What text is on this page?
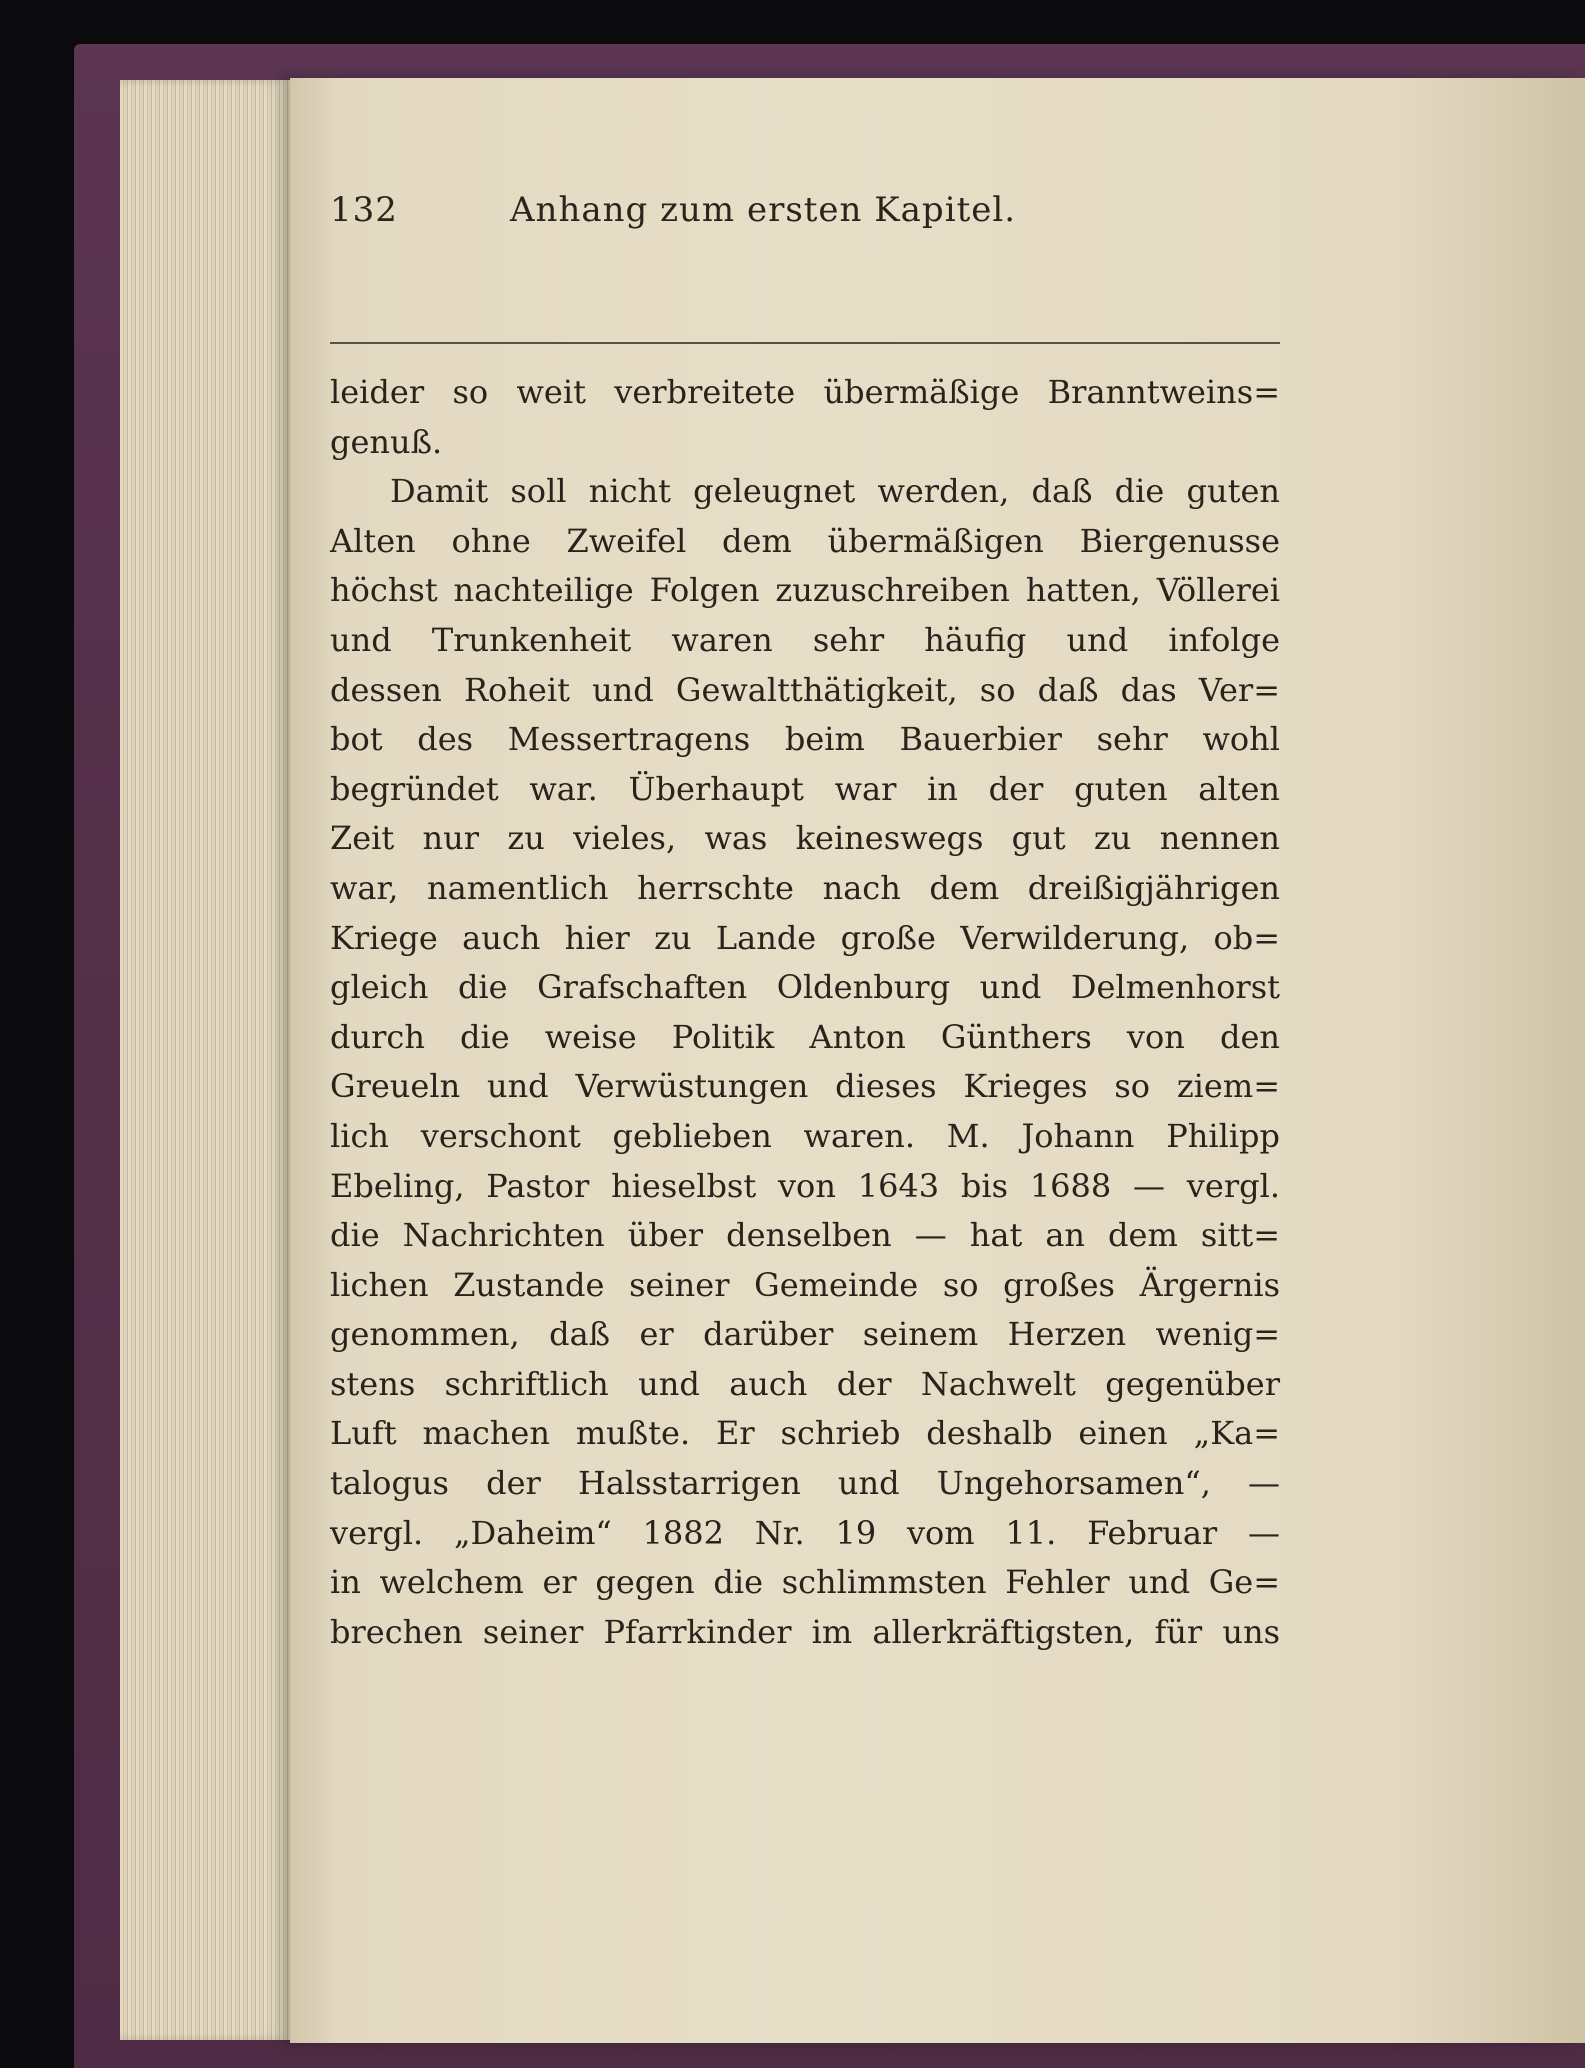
132	Anhang zum ersten Kapitel.
leider so weit verbreitete übermäßige Branntweins=
genuß.
Damit soll nicht geleugnet werden, daß die guten
Alten ohne Zweifel dem übermäßigen Biergenusse
höchst nachteilige Folgen zuzuschreiben hatten, Völlerei
und Trunkenheit waren sehr häufig und infolge
dessen Roheit und Gewaltthätigkeit, so daß das Ver=
bot des Messertragens beim Bauerbier sehr wohl
begründet war. Überhaupt war in der guten alten
Zeit nur zu vieles, was keineswegs gut zu nennen
war, namentlich herrschte nach dem dreißigjährigen
Kriege auch hier zu Lande große Verwilderung, ob=
gleich die Grafschaften Oldenburg und Delmenhorst
durch die weise Politik Anton Günthers von den
Greueln und Verwüstungen dieses Krieges so ziem=
lich verschont geblieben waren. M. Johann Philipp
Ebeling, Pastor hieselbst von 1643 bis 1688 — vergl.
die Nachrichten über denselben — hat an dem sitt=
lichen Zustande seiner Gemeinde so großes Ärgernis
genommen, daß er darüber seinem Herzen wenig=
stens schriftlich und auch der Nachwelt gegenüber
Luft machen mußte. Er schrieb deshalb einen „Ka=
talogus der Halsstarrigen und Ungehorsamen“, —
vergl. „Daheim“ 1882 Nr. 19 vom 11. Februar —
in welchem er gegen die schlimmsten Fehler und Ge=
brechen seiner Pfarrkinder im allerkräftigsten, für uns
